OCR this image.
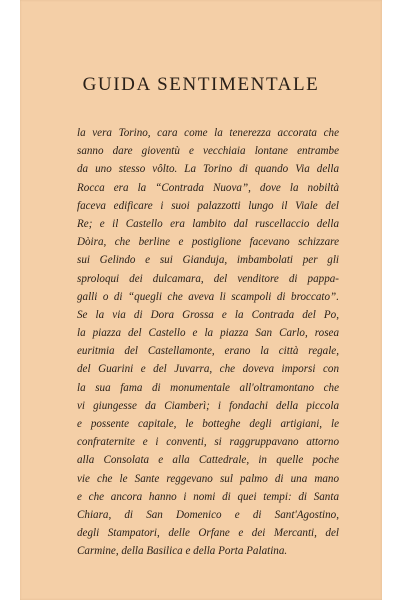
GUIDA SENTIMENTALE
la vera Torino, cara come la tenerezza accorata che
sanno dare gioventù e vecchiaia lontane entrambe
da uno stesso vôlto. La Torino di quando Via della
Rocca era la “Contrada Nuova”, dove la nobiltà
faceva edificare i suoi palazzotti lungo il Viale del
Re; e il Castello era lambito dal ruscellaccio della
Dòira, che berline e postiglione facevano schizzare
sui Gelindo e sui Gianduja, imbambolati per gli
sproloqui dei dulcamara, del venditore di pappa-
galli o di “quegli che aveva li scampoli di broccato”.
Se la via di Dora Grossa e la Contrada del Po,
la piazza del Castello e la piazza San Carlo, rosea
euritmia del Castellamonte, erano la città regale,
del Guarini e del Juvarra, che doveva imporsi con
la sua fama di monumentale all'oltramontano che
vi giungesse da Ciamberì; i fondachi della piccola
e possente capitale, le botteghe degli artigiani, le
confraternite e i conventi, si raggruppavano attorno
alla Consolata e alla Cattedrale, in quelle poche
vie che le Sante reggevano sul palmo di una mano
e che ancora hanno i nomi di quei tempi: di Santa
Chiara, di San Domenico e di Sant'Agostino,
degli Stampatori, delle Orfane e dei Mercanti, del
Carmine, della Basilica e della Porta Palatina.
